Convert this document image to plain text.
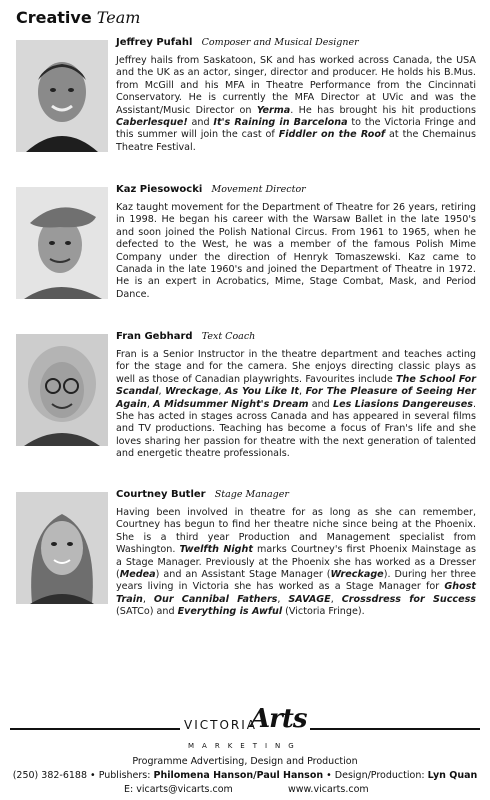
Creative Team
Jeffrey Pufahl Composer and Musical Designer
Jeffrey hails from Saskatoon, SK and has worked across Canada, the USA and the UK as an actor, singer, director and producer. He holds his B.Mus. from McGill and his MFA in Theatre Performance from the Cincinnati Conservatory. He is currently the MFA Director at UVic and was the Assistant/Music Director on Yerma. He has brought his hit productions Caberlesque! and It's Raining in Barcelona to the Victoria Fringe and this summer will join the cast of Fiddler on the Roof at the Chemainus Theatre Festival.
Kaz Piesowocki Movement Director
Kaz taught movement for the Department of Theatre for 26 years, retiring in 1998. He began his career with the Warsaw Ballet in the late 1950's and soon joined the Polish National Circus. From 1961 to 1965, when he defected to the West, he was a member of the famous Polish Mime Company under the direction of Henryk Tomaszewski. Kaz came to Canada in the late 1960's and joined the Department of Theatre in 1972. He is an expert in Acrobatics, Mime, Stage Combat, Mask, and Period Dance.
Fran Gebhard Text Coach
Fran is a Senior Instructor in the theatre department and teaches acting for the stage and for the camera. She enjoys directing classic plays as well as those of Canadian playwrights. Favourites include The School For Scandal, Wreckage, As You Like It, For The Pleasure of Seeing Her Again, A Midsummer Night's Dream and Les Liasions Dangereuses. She has acted in stages across Canada and has appeared in several films and TV productions. Teaching has become a focus of Fran's life and she loves sharing her passion for theatre with the next generation of talented and energetic theatre professionals.
Courtney Butler Stage Manager
Having been involved in theatre for as long as she can remember, Courtney has begun to find her theatre niche since being at the Phoenix. She is a third year Production and Management specialist from Washington. Twelfth Night marks Courtney's first Phoenix Mainstage as a Stage Manager. Previously at the Phoenix she has worked as a Dresser (Medea) and an Assistant Stage Manager (Wreckage). During her three years living in Victoria she has worked as a Stage Manager for Ghost Train, Our Cannibal Fathers, SAVAGE, Crossdress for Success (SATCo) and Everything is Awful (Victoria Fringe).
VICTORIA
Arts
MARKETING
Programme Advertising, Design and Production
(250) 382-6188 • Publishers: Philomena Hanson/Paul Hanson • Design/Production: Lyn Quan
E: vicarts@vicarts.com	www.vicarts.com
